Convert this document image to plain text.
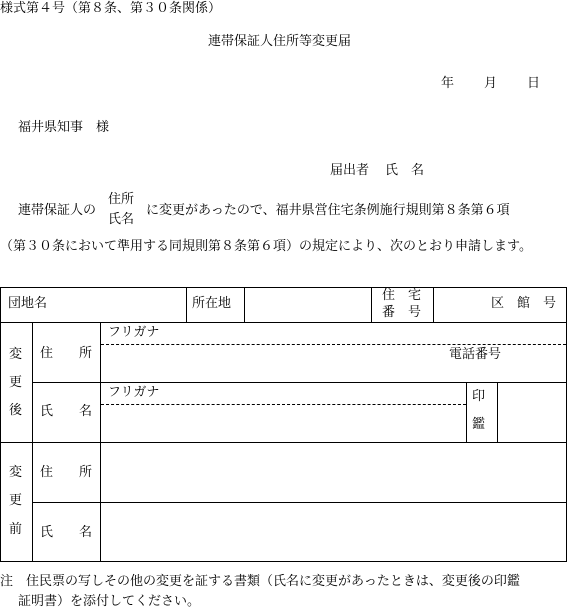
様式第４号（第８条、第３０条関係）
連帯保証人住所等変更届
年 月 日
福井県知事　様
届出者 氏　名
連帯保証人の
住所
氏名
に変更があったので、福井県営住宅条例施行規則第８条第６項
（第３０条において準用する同規則第８条第６項）の規定により、次のとおり申請します。
団地名	所在地
住　宅
番　号
区　館　号
変
更
後
住　　所
フリガナ
電話番号
氏　　名
フリガナ	印
鑑
変
更
前
住　　所
氏　　名
注　住民票の写しその他の変更を証する書類（氏名に変更があったときは、変更後の印鑑
証明書）を添付してください。
